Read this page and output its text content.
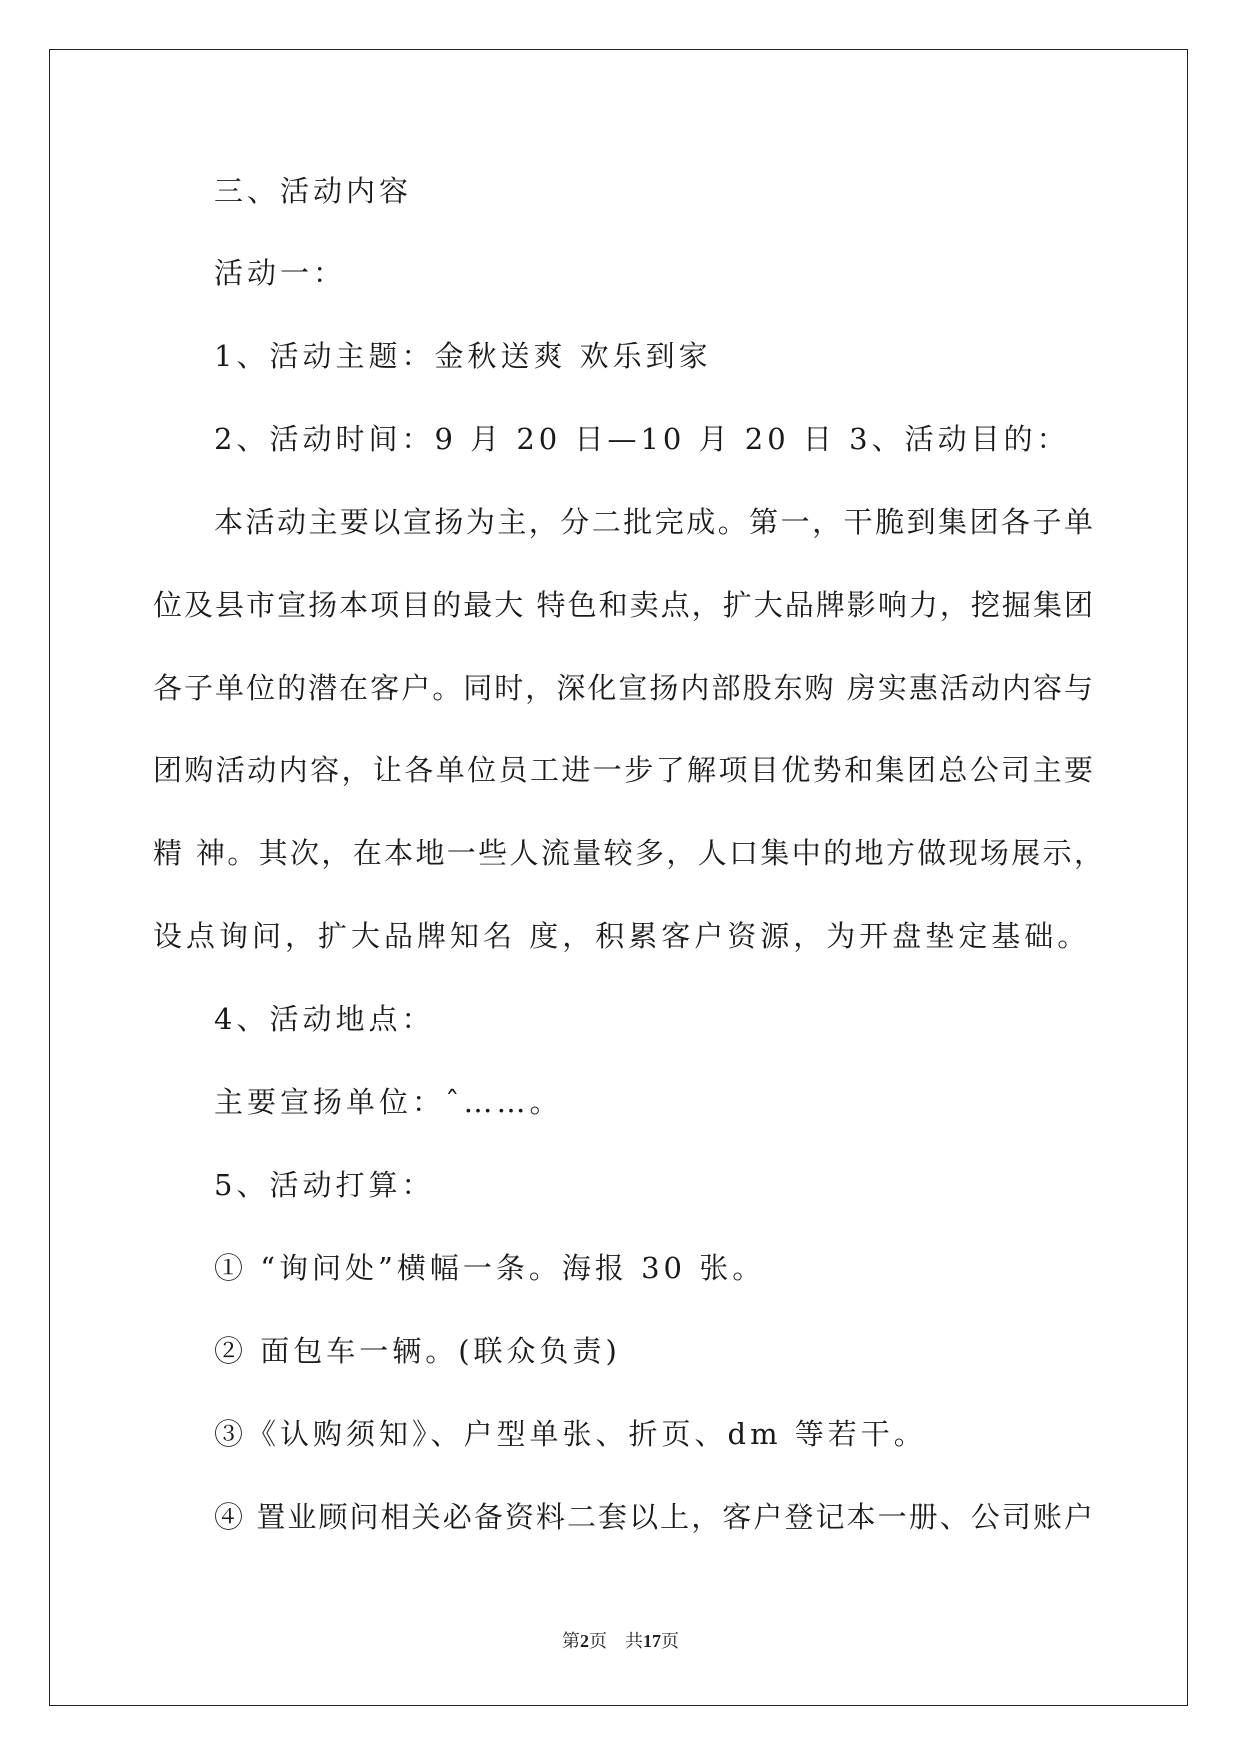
三、活动内容
活动一：
1、活动主题：金秋送爽 欢乐到家
2、活动时间：9 月 20 日—10 月 20 日 3、活动目的：
本活动主要以宣扬为主，分二批完成。第一，干脆到集团各子单
位及县市宣扬本项目的最大 特色和卖点，扩大品牌影响力，挖掘集团
各子单位的潜在客户。同时，深化宣扬内部股东购 房实惠活动内容与
团购活动内容，让各单位员工进一步了解项目优势和集团总公司主要
精 神。其次，在本地一些人流量较多，人口集中的地方做现场展示，
设点询问，扩大品牌知名 度，积累客户资源，为开盘垫定基础。
4、活动地点：
主要宣扬单位：ˆ……。
5、活动打算：
① “询问处”横幅一条。海报 30 张。
② 面包车一辆。(联众负责)
③《认购须知》、户型单张、折页、dm 等若干。
④ 置业顾问相关必备资料二套以上，客户登记本一册、公司账户
第2页 共17页
